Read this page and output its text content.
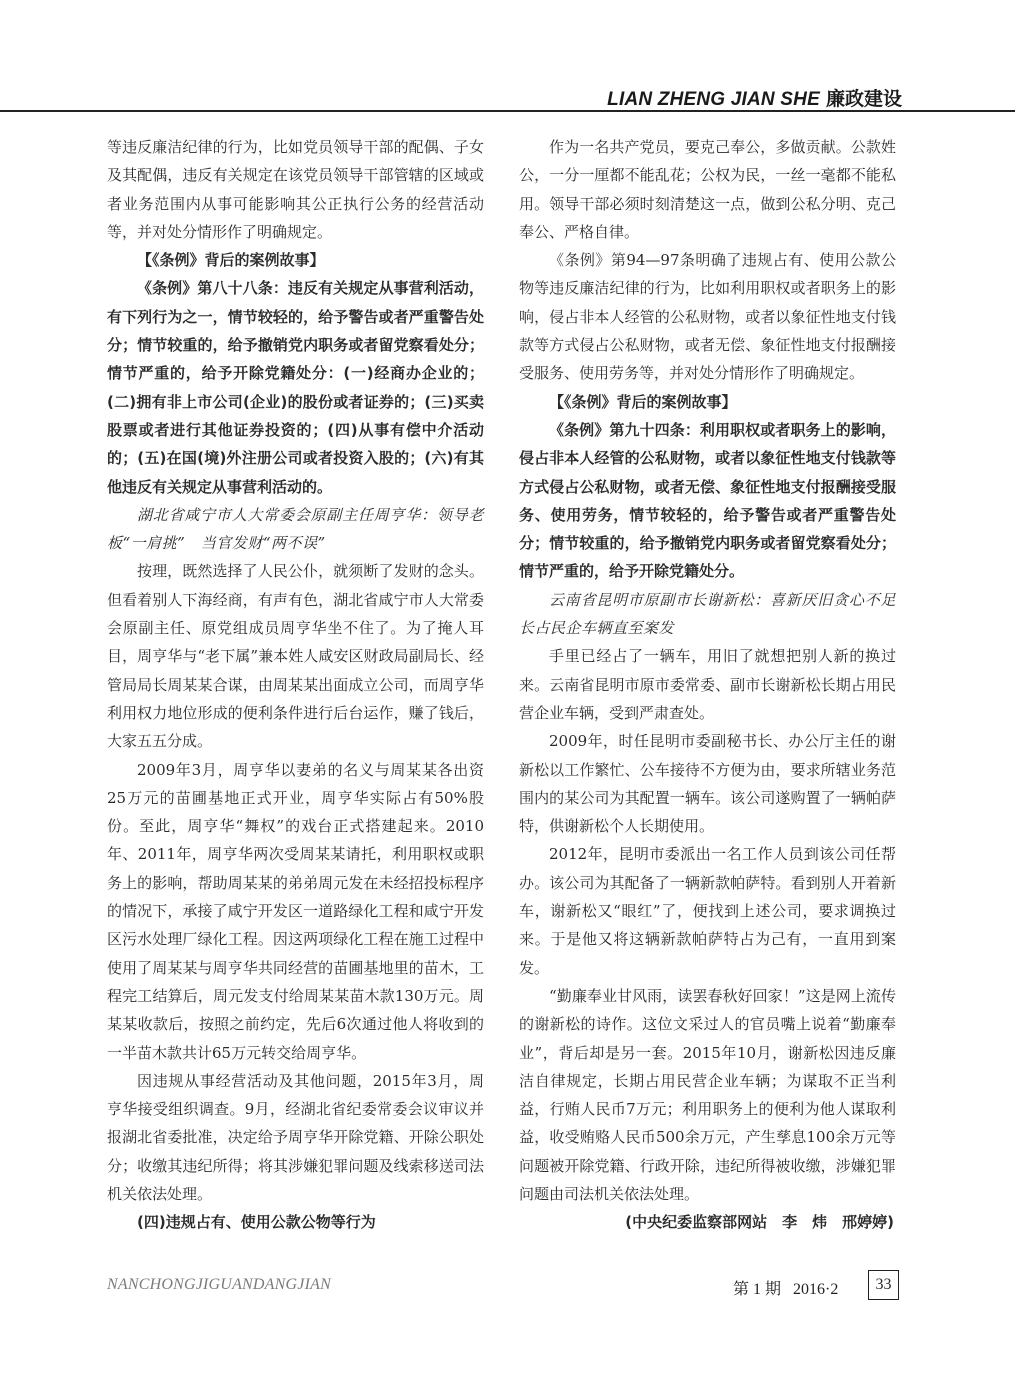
LIAN ZHENG JIAN SHE 廉政建设

等违反廉洁纪律的行为，比如党员领导干部的配偶、子女及其配偶，违反有关规定在该党员领导干部管辖的区域或者业务范围内从事可能影响其公正执行公务的经营活动等，并对处分情形作了明确规定。

【《条例》背后的案例故事】

《条例》第八十八条：违反有关规定从事营利活动，有下列行为之一，情节较轻的，给予警告或者严重警告处分；情节较重的，给予撤销党内职务或者留党察看处分；情节严重的，给予开除党籍处分：(一)经商办企业的；(二)拥有非上市公司(企业)的股份或者证券的；(三)买卖股票或者进行其他证券投资的；(四)从事有偿中介活动的；(五)在国(境)外注册公司或者投资入股的；(六)有其他违反有关规定从事营利活动的。

湖北省咸宁市人大常委会原副主任周亨华：领导老板“一肩挑”　当官发财“两不误”

按理，既然选择了人民公仆，就须断了发财的念头。但看着别人下海经商，有声有色，湖北省咸宁市人大常委会原副主任、原党组成员周亨华坐不住了。为了掩人耳目，周亨华与“老下属”兼本姓人咸安区财政局副局长、经管局局长周某某合谋，由周某某出面成立公司，而周亨华利用权力地位形成的便利条件进行后台运作，赚了钱后，大家五五分成。

2009年3月，周亨华以妻弟的名义与周某某各出资25万元的苗圃基地正式开业，周亨华实际占有50%股份。至此，周亨华“舞权”的戏台正式搭建起来。2010年、2011年，周亨华两次受周某某请托，利用职权或职务上的影响，帮助周某某的弟弟周元发在未经招投标程序的情况下，承接了咸宁开发区一道路绿化工程和咸宁开发区污水处理厂绿化工程。因这两项绿化工程在施工过程中使用了周某某与周亨华共同经营的苗圃基地里的苗木，工程完工结算后，周元发支付给周某某苗木款130万元。周某某收款后，按照之前约定，先后6次通过他人将收到的一半苗木款共计65万元转交给周亨华。

因违规从事经营活动及其他问题，2015年3月，周亨华接受组织调查。9月，经湖北省纪委常委会议审议并报湖北省委批准，决定给予周亨华开除党籍、开除公职处分；收缴其违纪所得；将其涉嫌犯罪问题及线索移送司法机关依法处理。

(四)违规占有、使用公款公物等行为

作为一名共产党员，要克己奉公，多做贡献。公款姓公，一分一厘都不能乱花；公权为民，一丝一毫都不能私用。领导干部必须时刻清楚这一点，做到公私分明、克己奉公、严格自律。

《条例》第94—97条明确了违规占有、使用公款公物等违反廉洁纪律的行为，比如利用职权或者职务上的影响，侵占非本人经管的公私财物，或者以象征性地支付钱款等方式侵占公私财物，或者无偿、象征性地支付报酬接受服务、使用劳务等，并对处分情形作了明确规定。

【《条例》背后的案例故事】

《条例》第九十四条：利用职权或者职务上的影响，侵占非本人经管的公私财物，或者以象征性地支付钱款等方式侵占公私财物，或者无偿、象征性地支付报酬接受服务、使用劳务，情节较轻的，给予警告或者严重警告处分；情节较重的，给予撤销党内职务或者留党察看处分；情节严重的，给予开除党籍处分。

云南省昆明市原副市长谢新松：喜新厌旧贪心不足　长占民企车辆直至案发

手里已经占了一辆车，用旧了就想把别人新的换过来。云南省昆明市原市委常委、副市长谢新松长期占用民营企业车辆，受到严肃查处。

2009年，时任昆明市委副秘书长、办公厅主任的谢新松以工作繁忙、公车接待不方便为由，要求所辖业务范围内的某公司为其配置一辆车。该公司遂购置了一辆帕萨特，供谢新松个人长期使用。

2012年，昆明市委派出一名工作人员到该公司任帮办。该公司为其配备了一辆新款帕萨特。看到别人开着新车，谢新松又“眼红”了，便找到上述公司，要求调换过来。于是他又将这辆新款帕萨特占为己有，一直用到案发。

“勤廉奉业甘风雨，读罢春秋好回家！”这是网上流传的谢新松的诗作。这位文采过人的官员嘴上说着“勤廉奉业”，背后却是另一套。2015年10月，谢新松因违反廉洁自律规定，长期占用民营企业车辆；为谋取不正当利益，行贿人民币7万元；利用职务上的便利为他人谋取利益，收受贿赂人民币500余万元，产生孳息100余万元等问题被开除党籍、行政开除，违纪所得被收缴，涉嫌犯罪问题由司法机关依法处理。

(中央纪委监察部网站　李　炜　邢婷婷)

NANCHONGJIGUANDANGJIAN	第 1 期 2016·2	33
